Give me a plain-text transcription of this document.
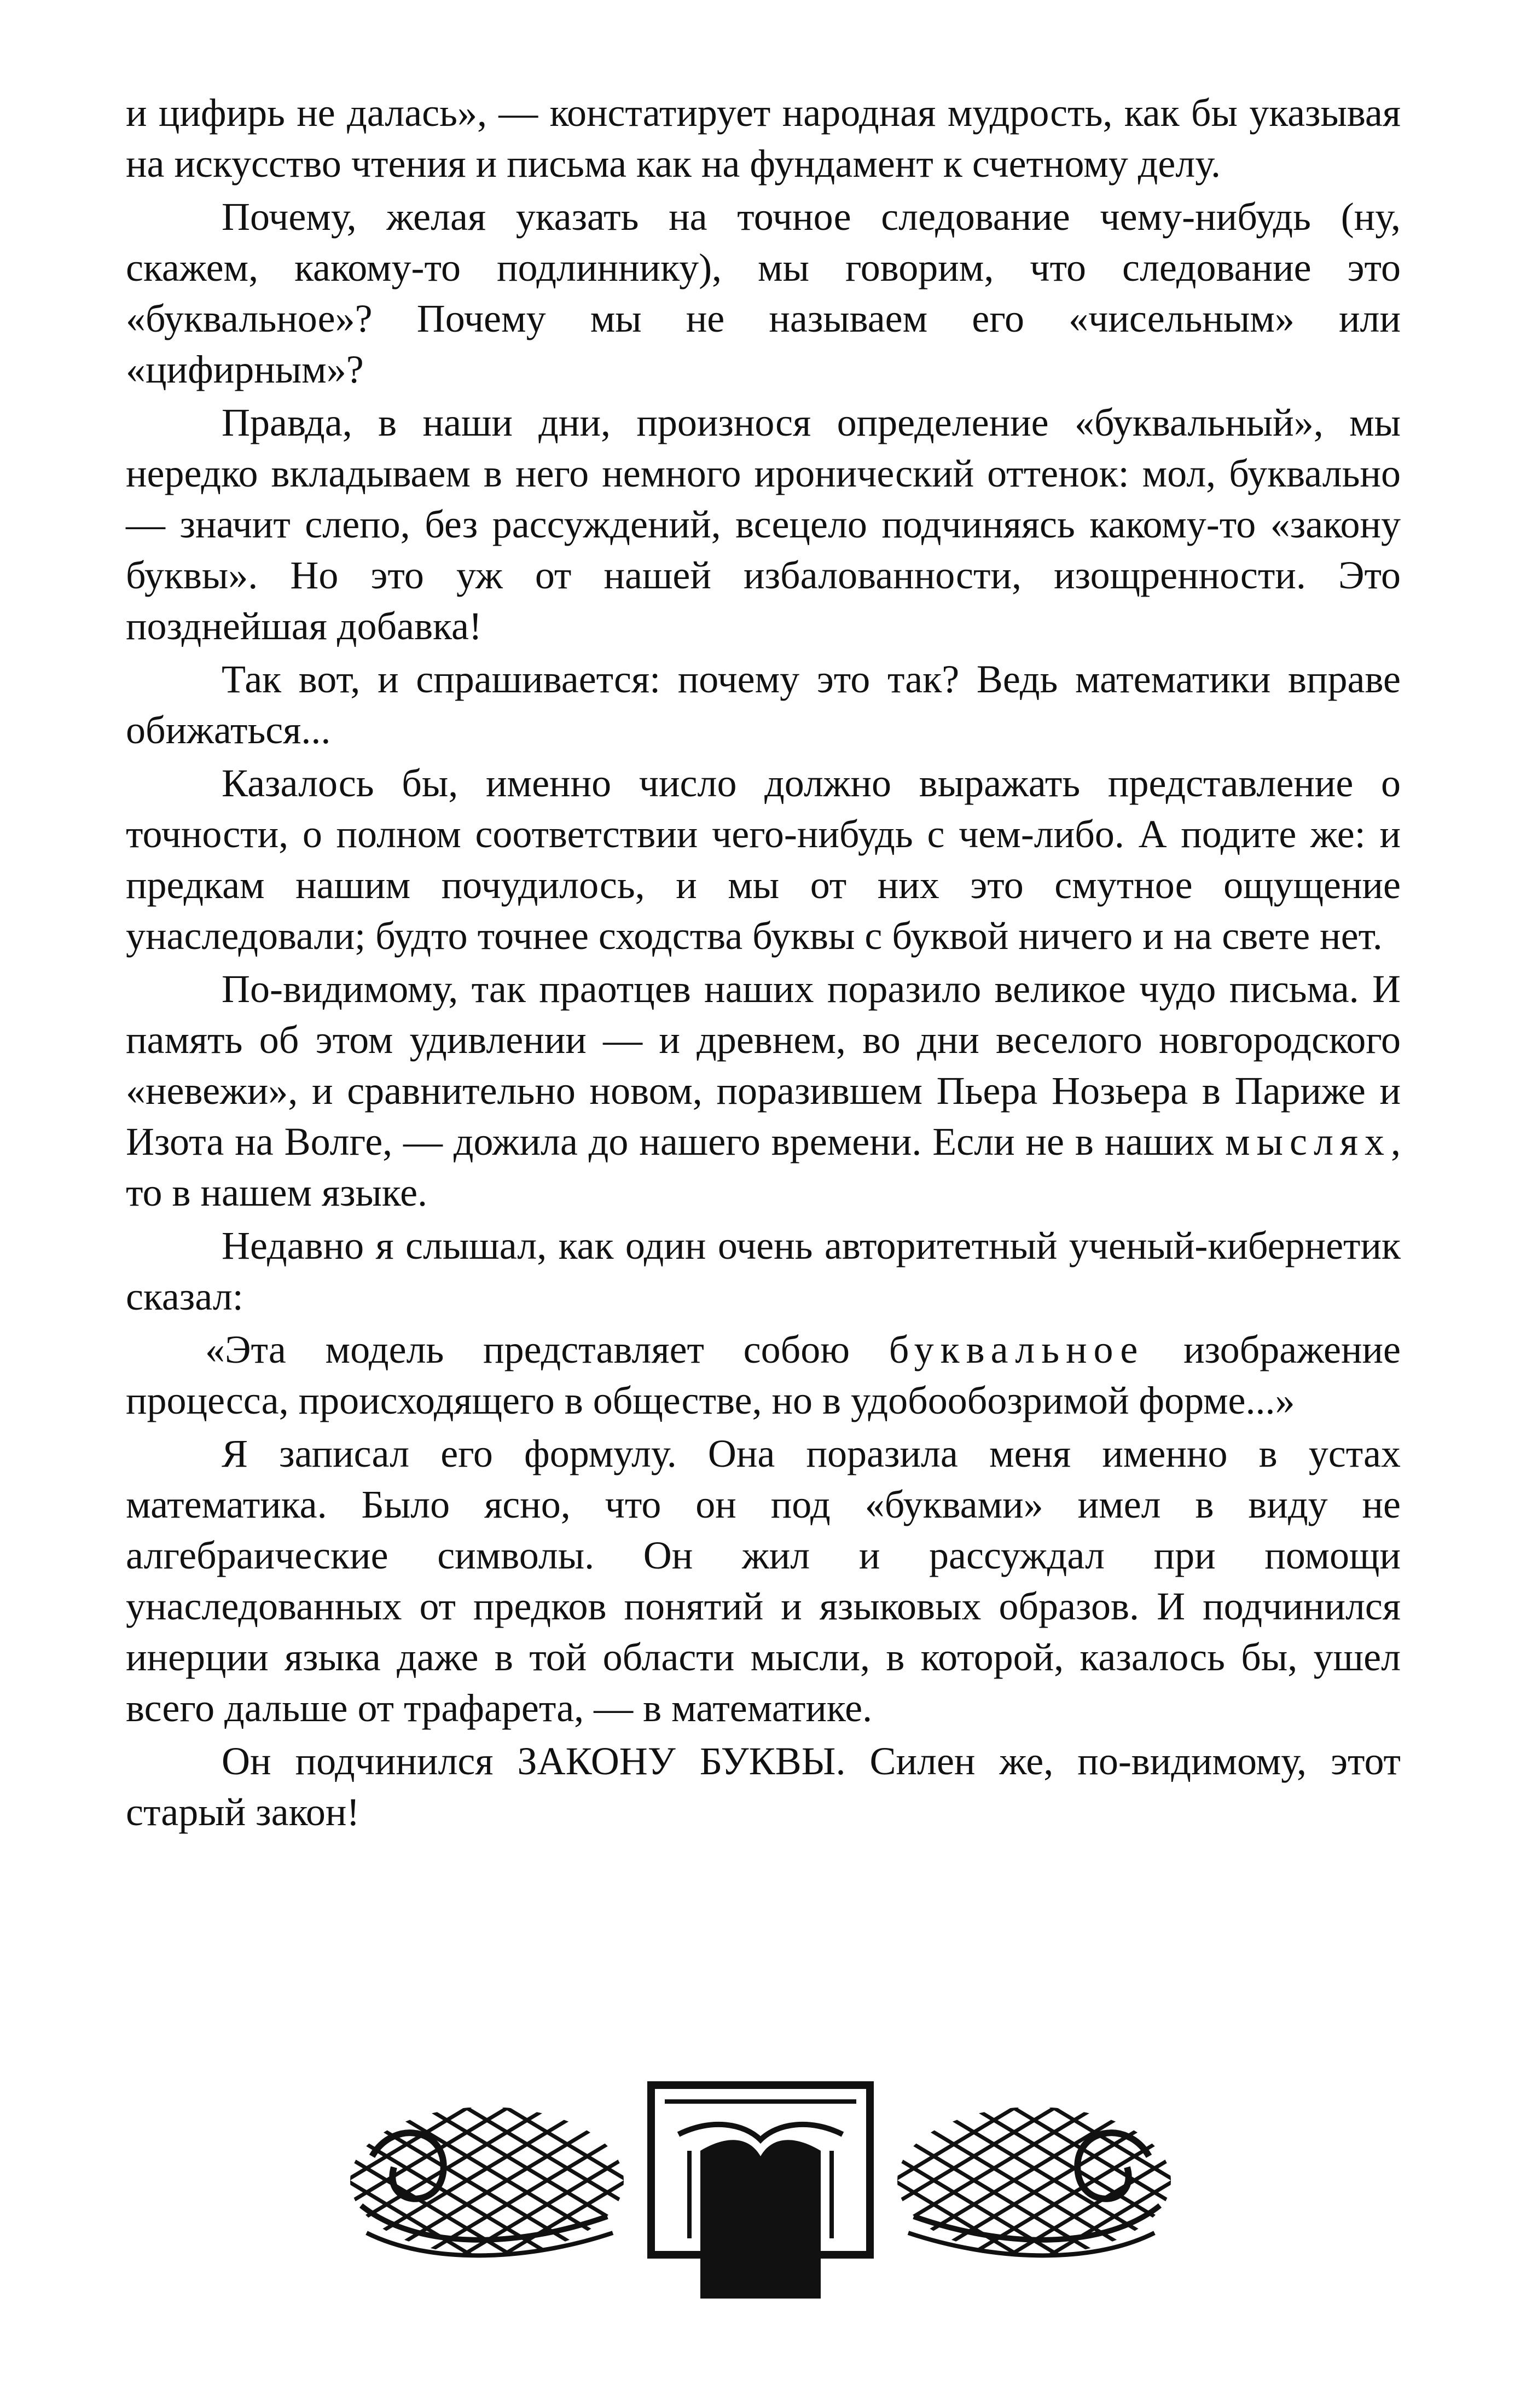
и цифирь не далась», — констатирует народная мудрость, как бы указывая на искусство чтения и письма как на фундамент к счетному делу.

Почему, желая указать на точное следование чему-нибудь (ну, скажем, какому-то подлиннику), мы говорим, что следование это «буквальное»? Почему мы не называем его «чисельным» или «цифирным»?

Правда, в наши дни, произнося определение «буквальный», мы нередко вкладываем в него немного иронический оттенок: мол, буквально — значит слепо, без рассуждений, всецело подчиняясь какому-то «закону буквы». Но это уж от нашей избалованности, изощренности. Это позднейшая добавка!

Так вот, и спрашивается: почему это так? Ведь математики вправе обижаться...

Казалось бы, именно число должно выражать представление о точности, о полном соответствии чего-нибудь с чем-либо. А подите же: и предкам нашим почудилось, и мы от них это смутное ощущение унаследовали; будто точнее сходства буквы с буквой ничего и на свете нет.

По-видимому, так праотцев наших поразило великое чудо письма. И память об этом удивлении — и древнем, во дни веселого новгородского «невежи», и сравнительно новом, поразившем Пьера Нозьера в Париже и Изота на Волге, — дожила до нашего времени. Если не в наших мыслях, то в нашем языке.

Недавно я слышал, как один очень авторитетный ученый-кибернетик сказал:

«Эта модель представляет собою буквальное изображение процесса, происходящего в обществе, но в удобообозримой форме...»

Я записал его формулу. Она поразила меня именно в устах математика. Было ясно, что он под «буквами» имел в виду не алгебраические символы. Он жил и рассуждал при помощи унаследованных от предков понятий и языковых образов. И подчинился инерции языка даже в той области мысли, в которой, казалось бы, ушел всего дальше от трафарета, — в математике.

Он подчинился ЗАКОНУ БУКВЫ. Силен же, по-видимому, этот старый закон!
